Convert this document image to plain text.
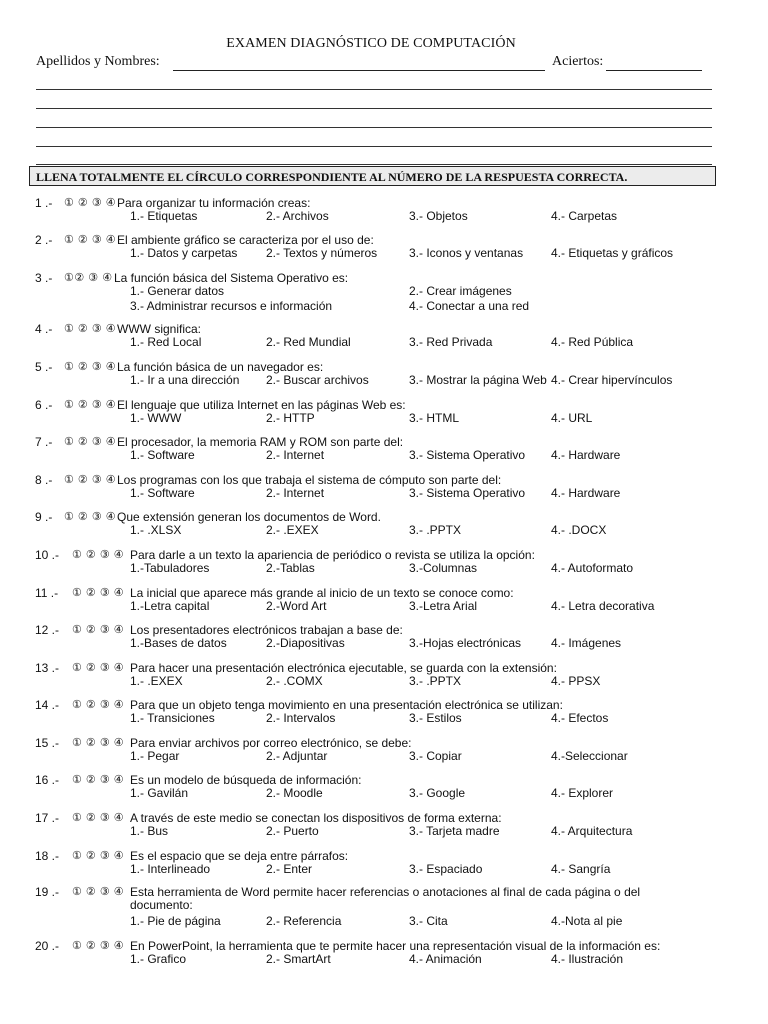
EXAMEN DIAGNÓSTICO DE COMPUTACIÓN
Apellidos y Nombres:	Aciertos:
LLENA TOTALMENTE EL CÍRCULO CORRESPONDIENTE AL NÚMERO DE LA RESPUESTA CORRECTA.
1 .- ① ② ③ ④ Para organizar tu información creas:
1.- Etiquetas	2.- Archivos	3.- Objetos	4.- Carpetas
2 .- ① ② ③ ④ El ambiente gráfico se caracteriza por el uso de:
1.- Datos y carpetas 2.- Textos y números	3.- Iconos y ventanas 4.- Etiquetas y gráficos
3 .- ①② ③ ④ La función básica del Sistema Operativo es:
1.- Generar datos	2.- Crear imágenes
3.- Administrar recursos e información	4.- Conectar a una red
4 .- ① ② ③ ④ WWW significa:
1.- Red Local	2.- Red Mundial	3.- Red Privada	4.- Red Pública
5 .- ① ② ③ ④ La función básica de un navegador es:
1.- Ir a una dirección 2.- Buscar archivos	3.- Mostrar la página Web 4.- Crear hipervínculos
6 .- ① ② ③ ④ El lenguaje que utiliza Internet en las páginas Web es:
1.- WWW	2.- HTTP	3.- HTML	4.- URL
7 .- ① ② ③ ④ El procesador, la memoria RAM y ROM son parte del:
1.- Software	2.- Internet	3.- Sistema Operativo 4.- Hardware
8 .- ① ② ③ ④ Los programas con los que trabaja el sistema de cómputo son parte del:
1.- Software	2.- Internet	3.- Sistema Operativo 4.- Hardware
9 .- ① ② ③ ④ Que extensión generan los documentos de Word.
1.- .XLSX	2.- .EXEX	3.- .PPTX	4.- .DOCX
10 .- ① ② ③ ④ Para darle a un texto la apariencia de periódico o revista se utiliza la opción:
1.-Tabuladores	2.-Tablas	3.-Columnas	4.- Autoformato
11 .- ① ② ③ ④ La inicial que aparece más grande al inicio de un texto se conoce como:
1.-Letra capital	2.-Word Art	3.-Letra Arial	4.- Letra decorativa
12 .- ① ② ③ ④ Los presentadores electrónicos trabajan a base de:
1.-Bases de datos	2.-Diapositivas	3.-Hojas electrónicas 4.- Imágenes
13 .- ① ② ③ ④ Para hacer una presentación electrónica ejecutable, se guarda con la extensión:
1.- .EXEX	2.- .COMX	3.- .PPTX	4.- PPSX
14 .- ① ② ③ ④ Para que un objeto tenga movimiento en una presentación electrónica se utilizan:
1.- Transiciones	2.- Intervalos	3.- Estilos	4.- Efectos
15 .- ① ② ③ ④ Para enviar archivos por correo electrónico, se debe:
1.- Pegar	2.- Adjuntar	3.- Copiar	4.-Seleccionar
16 .- ① ② ③ ④ Es un modelo de búsqueda de información:
1.- Gavilán	2.- Moodle	3.- Google	4.- Explorer
17 .- ① ② ③ ④ A través de este medio se conectan los dispositivos de forma externa:
1.- Bus	2.- Puerto	3.- Tarjeta madre	4.- Arquitectura
18 .- ① ② ③ ④ Es el espacio que se deja entre párrafos:
1.- Interlineado	2.- Enter	3.- Espaciado	4.- Sangría
19 .- ① ② ③ ④ Esta herramienta de Word permite hacer referencias o anotaciones al final de cada página o del
documento:
1.- Pie de página	2.- Referencia	3.- Cita	4.-Nota al pie
20 .- ① ② ③ ④ En PowerPoint, la herramienta que te permite hacer una representación visual de la información es:
1.- Grafico	2.- SmartArt	4.- Animación	4.- Ilustración
